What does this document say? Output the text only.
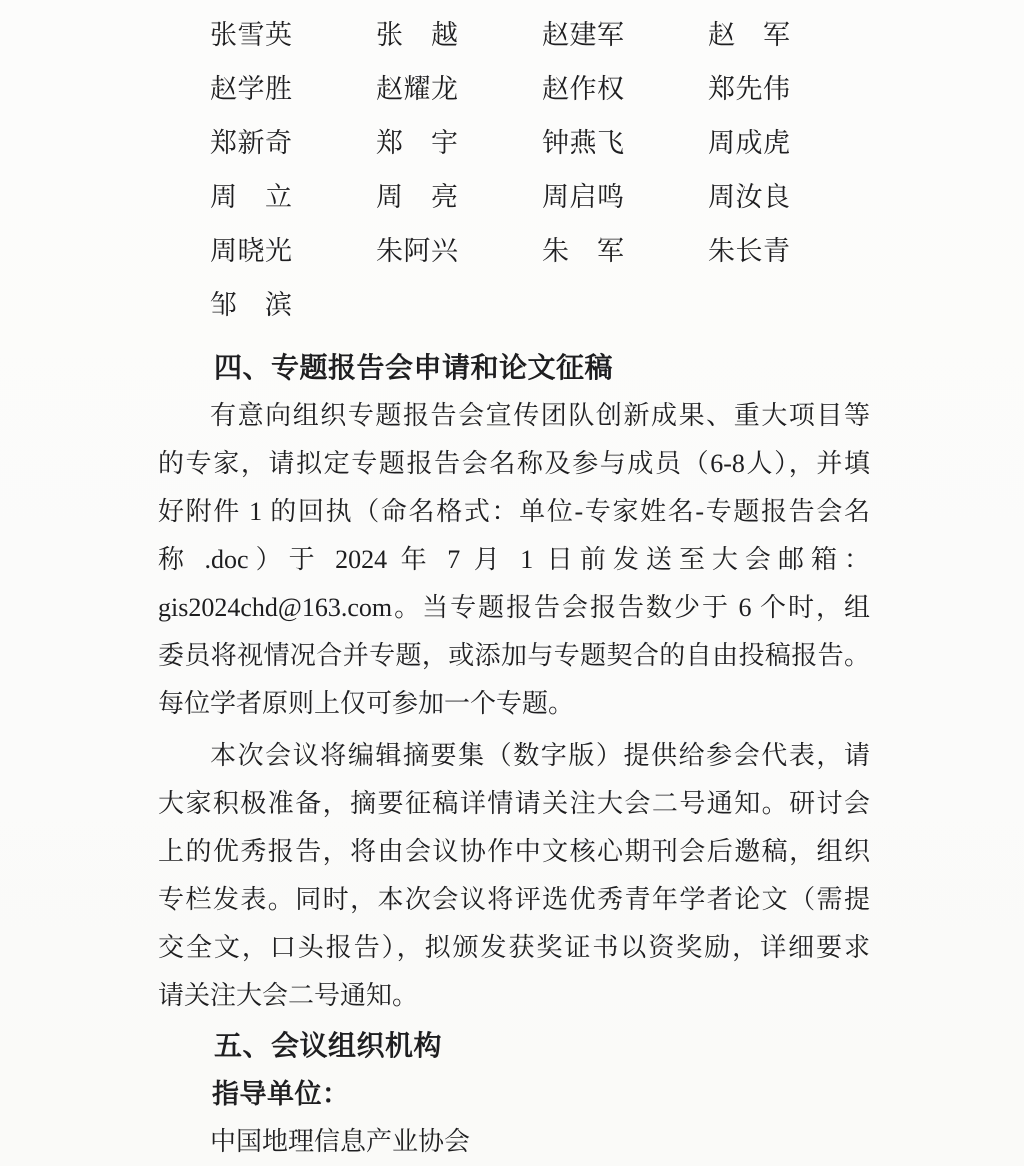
张雪英	张　越	赵建军	赵　军
赵学胜	赵耀龙	赵作权	郑先伟
郑新奇	郑　宇	钟燕飞	周成虎
周　立	周　亮	周启鸣	周汝良
周晓光	朱阿兴	朱　军	朱长青
邹　滨
四、专题报告会申请和论文征稿
有意向组织专题报告会宣传团队创新成果、重大项目等
的专家，请拟定专题报告会名称及参与成员（6-8人），并填
好附件 1 的回执（命名格式：单位-专家姓名-专题报告会名
称 .doc）于 2024 年 7 月 1 日前发送至大会邮箱：
gis2024chd@163.com。当专题报告会报告数少于 6 个时，组
委员将视情况合并专题，或添加与专题契合的自由投稿报告。
每位学者原则上仅可参加一个专题。
本次会议将编辑摘要集（数字版）提供给参会代表，请
大家积极准备，摘要征稿详情请关注大会二号通知。研讨会
上的优秀报告，将由会议协作中文核心期刊会后邀稿，组织
专栏发表。同时，本次会议将评选优秀青年学者论文（需提
交全文，口头报告），拟颁发获奖证书以资奖励，详细要求
请关注大会二号通知。
五、会议组织机构
指导单位：
中国地理信息产业协会
